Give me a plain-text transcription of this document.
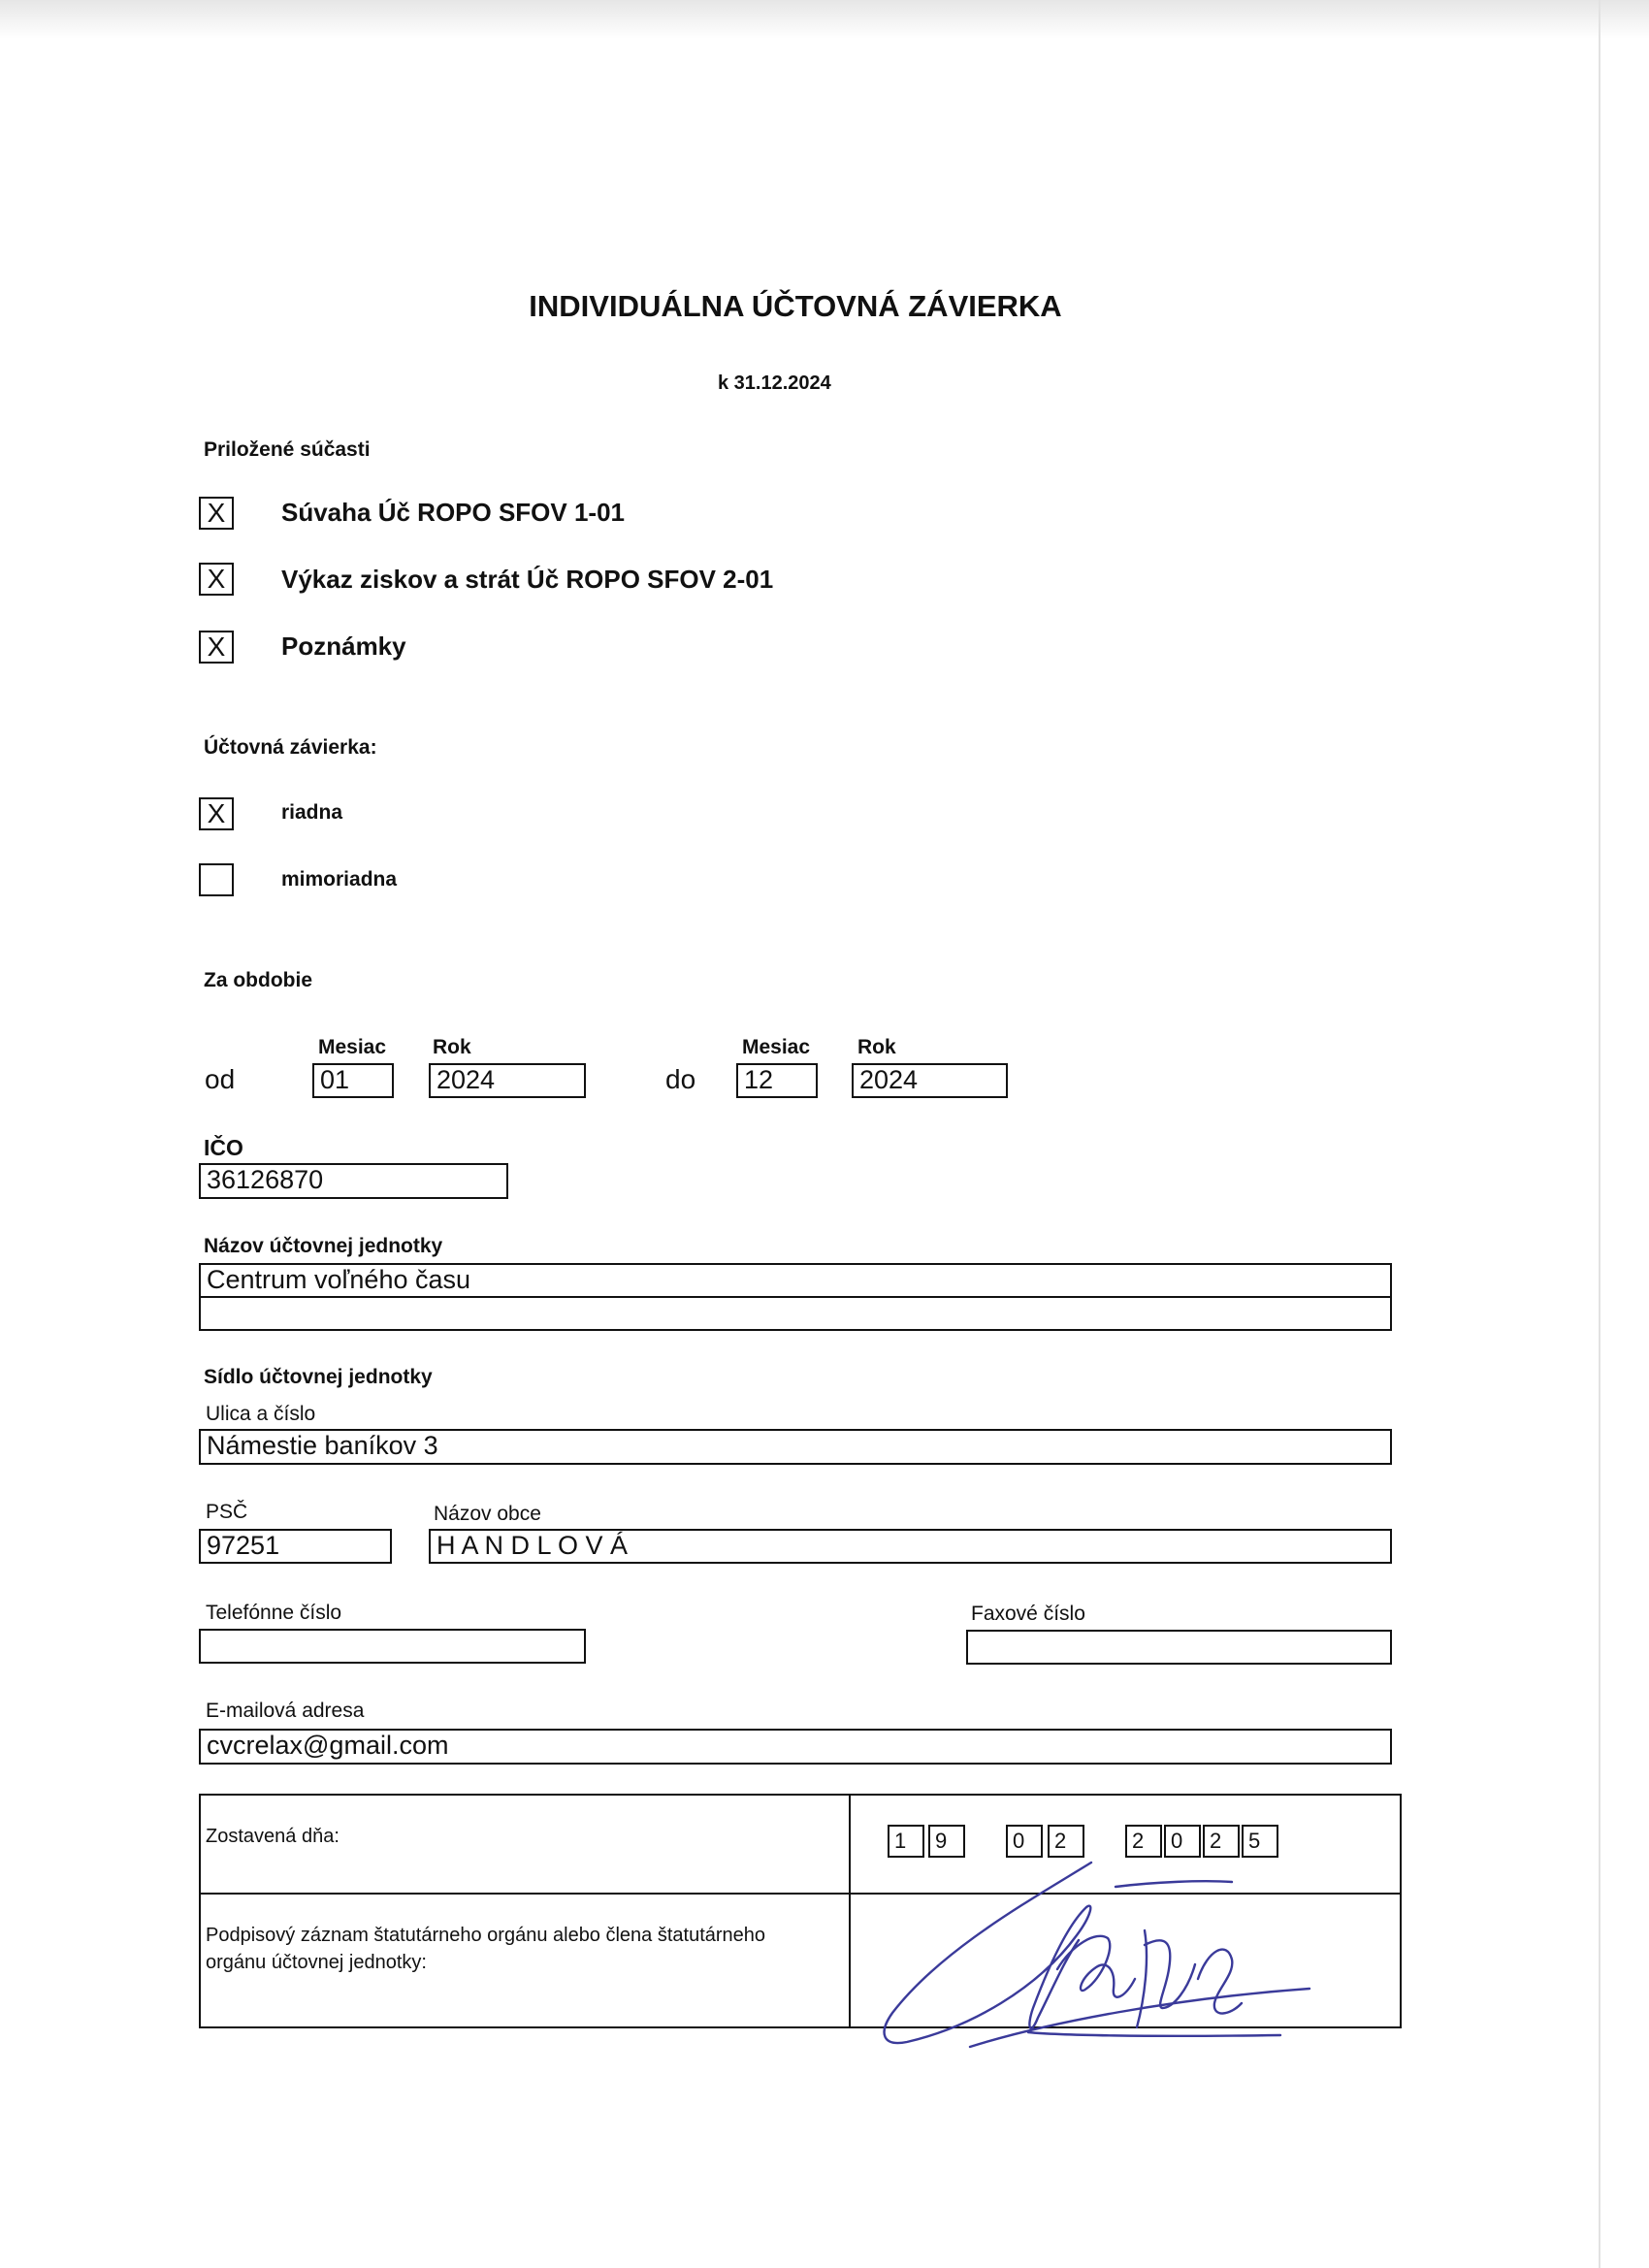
INDIVIDUÁLNA ÚČTOVNÁ ZÁVIERKA
k 31.12.2024
Priložené súčasti
X	Súvaha Úč ROPO SFOV 1-01
X	Výkaz ziskov a strát Úč ROPO SFOV 2-01
X	Poznámky
Účtovná závierka:
X	riadna
mimoriadna
Za obdobie
Mesiac Rok	Mesiac Rok
od	01	2024	do 12	2024
IČO
36126870
Názov účtovnej jednotky
Centrum voľného času
Sídlo účtovnej jednotky
Ulica a číslo
Námestie baníkov 3
PSČ	Názov obce
97251	H A N D L O V Á
Telefónne číslo	Faxové číslo
E-mailová adresa
cvcrelax@gmail.com
Zostavená dňa:	1	9	0	2	2	0	2	5
Podpisový záznam štatutárneho orgánu alebo člena štatutárneho
orgánu účtovnej jednotky:
